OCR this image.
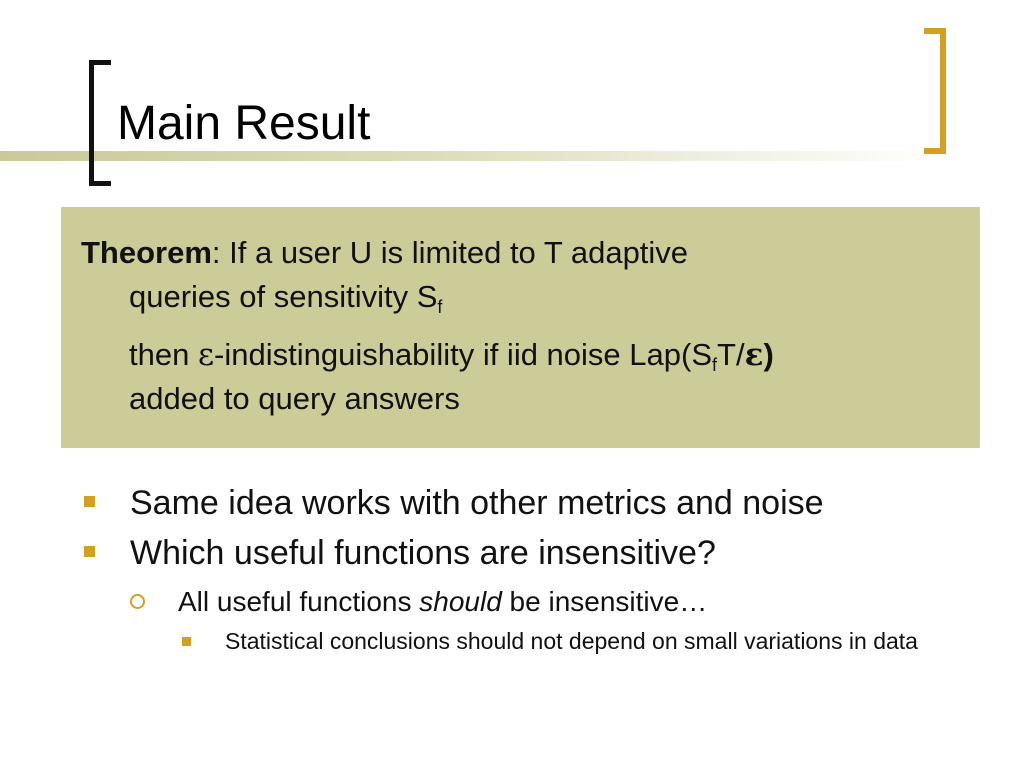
Main Result
Theorem: If a user U is limited to T adaptive
queries of sensitivity $S_f$
then ε-indistinguishability if iid noise $Lap(S_fT/\varepsilon)$
added to query answers
Same idea works with other metrics and noise
Which useful functions are insensitive?
All useful functions should be insensitive…
Statistical conclusions should not depend on small variations in data
